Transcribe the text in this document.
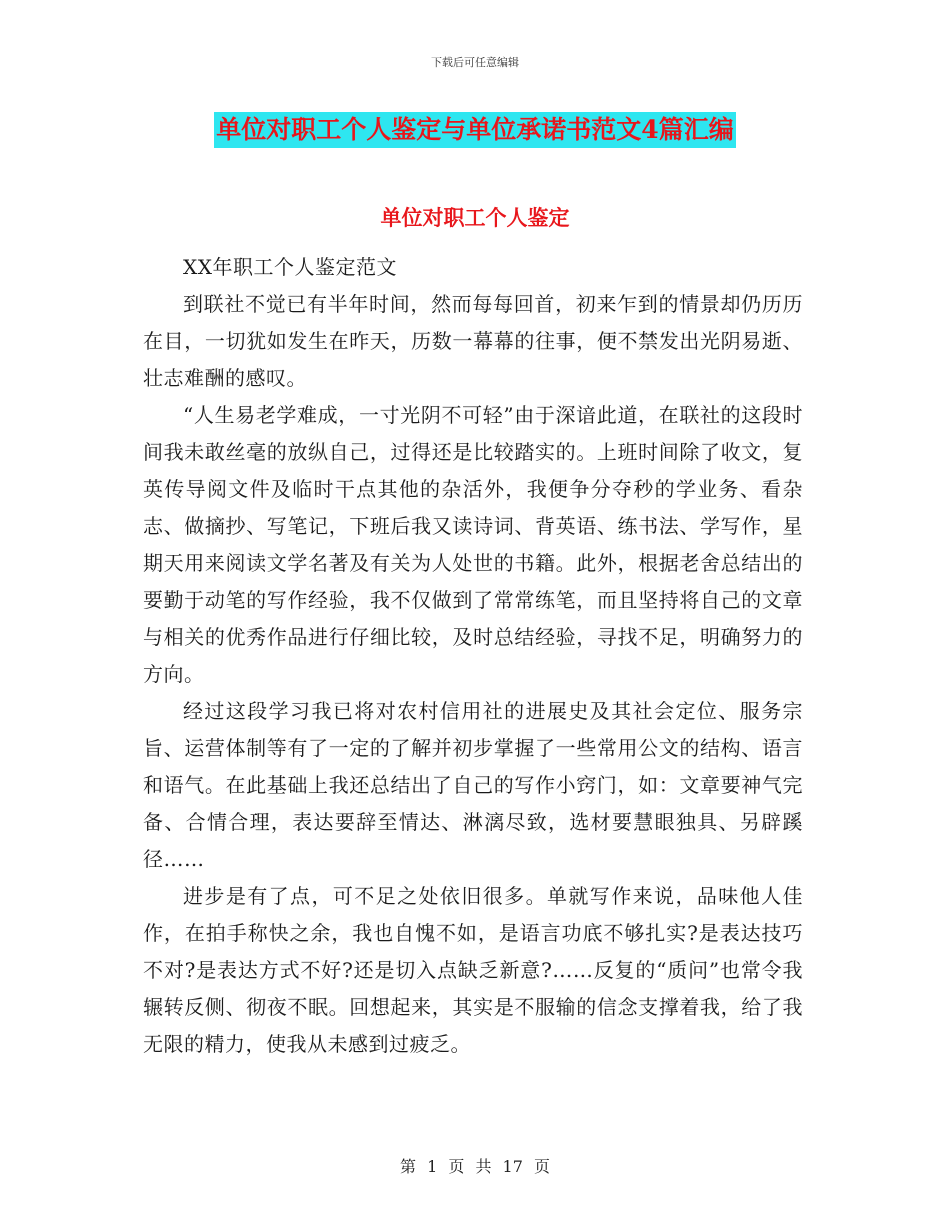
下载后可任意编辑
单位对职工个人鉴定与单位承诺书范文4篇汇编
单位对职工个人鉴定

XX年职工个人鉴定范文

到联社不觉已有半年时间，然而每每回首，初来乍到的情景却仍历历在目，一切犹如发生在昨天，历数一幕幕的往事，便不禁发出光阴易逝、壮志难酬的感叹。

“人生易老学难成，一寸光阴不可轻”由于深谙此道，在联社的这段时间我未敢丝毫的放纵自己，过得还是比较踏实的。上班时间除了收文，复英传导阅文件及临时干点其他的杂活外，我便争分夺秒的学业务、看杂志、做摘抄、写笔记，下班后我又读诗词、背英语、练书法、学写作，星期天用来阅读文学名著及有关为人处世的书籍。此外，根据老舍总结出的要勤于动笔的写作经验，我不仅做到了常常练笔，而且坚持将自己的文章与相关的优秀作品进行仔细比较，及时总结经验，寻找不足，明确努力的方向。

经过这段学习我已将对农村信用社的进展史及其社会定位、服务宗旨、运营体制等有了一定的了解并初步掌握了一些常用公文的结构、语言和语气。在此基础上我还总结出了自己的写作小窍门，如：文章要神气完备、合情合理，表达要辞至情达、淋漓尽致，选材要慧眼独具、另辟蹊径……

进步是有了点，可不足之处依旧很多。单就写作来说，品味他人佳作，在拍手称快之余，我也自愧不如，是语言功底不够扎实?是表达技巧不对?是表达方式不好?还是切入点缺乏新意?……反复的“质问”也常令我辗转反侧、彻夜不眠。回想起来，其实是不服输的信念支撑着我，给了我无限的精力，使我从未感到过疲乏。

第 1 页 共 17 页
